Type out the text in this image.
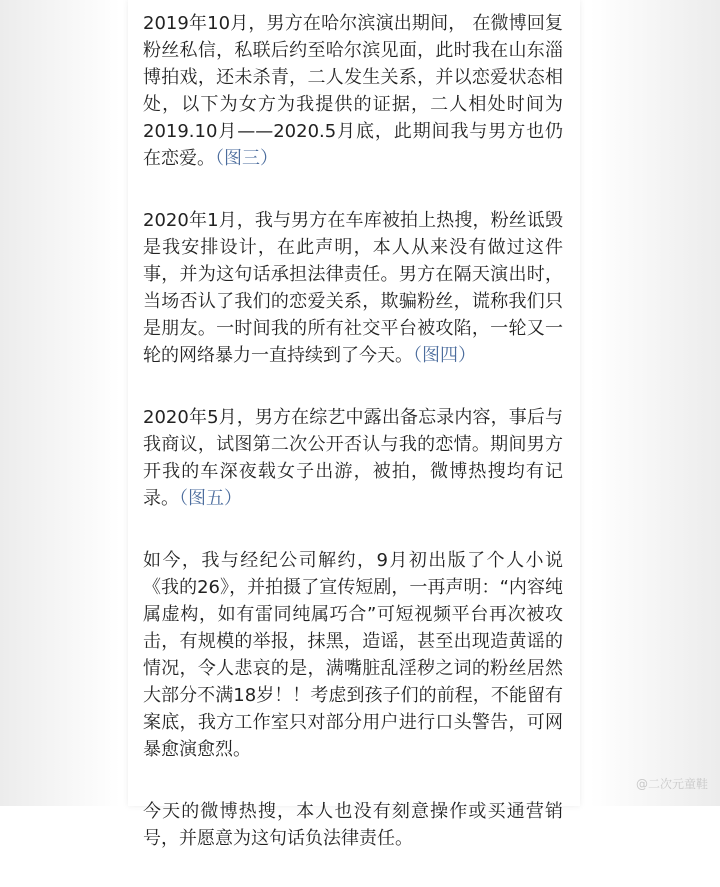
2019年10月，男方在哈尔滨演出期间， 在微博回复粉丝私信，私联后约至哈尔滨见面，此时我在山东淄博拍戏，还未杀青，二人发生关系，并以恋爱状态相处，以下为女方为我提供的证据，二人相处时间为2019.10月——2020.5月底，此期间我与男方也仍在恋爱。（图三）

2020年1月，我与男方在车库被拍上热搜，粉丝诋毁是我安排设计，在此声明，本人从来没有做过这件事，并为这句话承担法律责任。男方在隔天演出时，当场否认了我们的恋爱关系，欺骗粉丝，谎称我们只是朋友。一时间我的所有社交平台被攻陷，一轮又一轮的网络暴力一直持续到了今天。（图四）

2020年5月，男方在综艺中露出备忘录内容，事后与我商议，试图第二次公开否认与我的恋情。期间男方开我的车深夜载女子出游，被拍，微博热搜均有记录。（图五）

如今，我与经纪公司解约，9月初出版了个人小说《我的26》，并拍摄了宣传短剧，一再声明：“内容纯属虚构，如有雷同纯属巧合”可短视频平台再次被攻击，有规模的举报，抹黑，造谣，甚至出现造黄谣的情况，令人悲哀的是，满嘴脏乱淫秽之词的粉丝居然大部分不满18岁！！考虑到孩子们的前程，不能留有案底，我方工作室只对部分用户进行口头警告，可网暴愈演愈烈。

今天的微博热搜，本人也没有刻意操作或买通营销号，并愿意为这句话负法律责任。

@二次元童鞋
